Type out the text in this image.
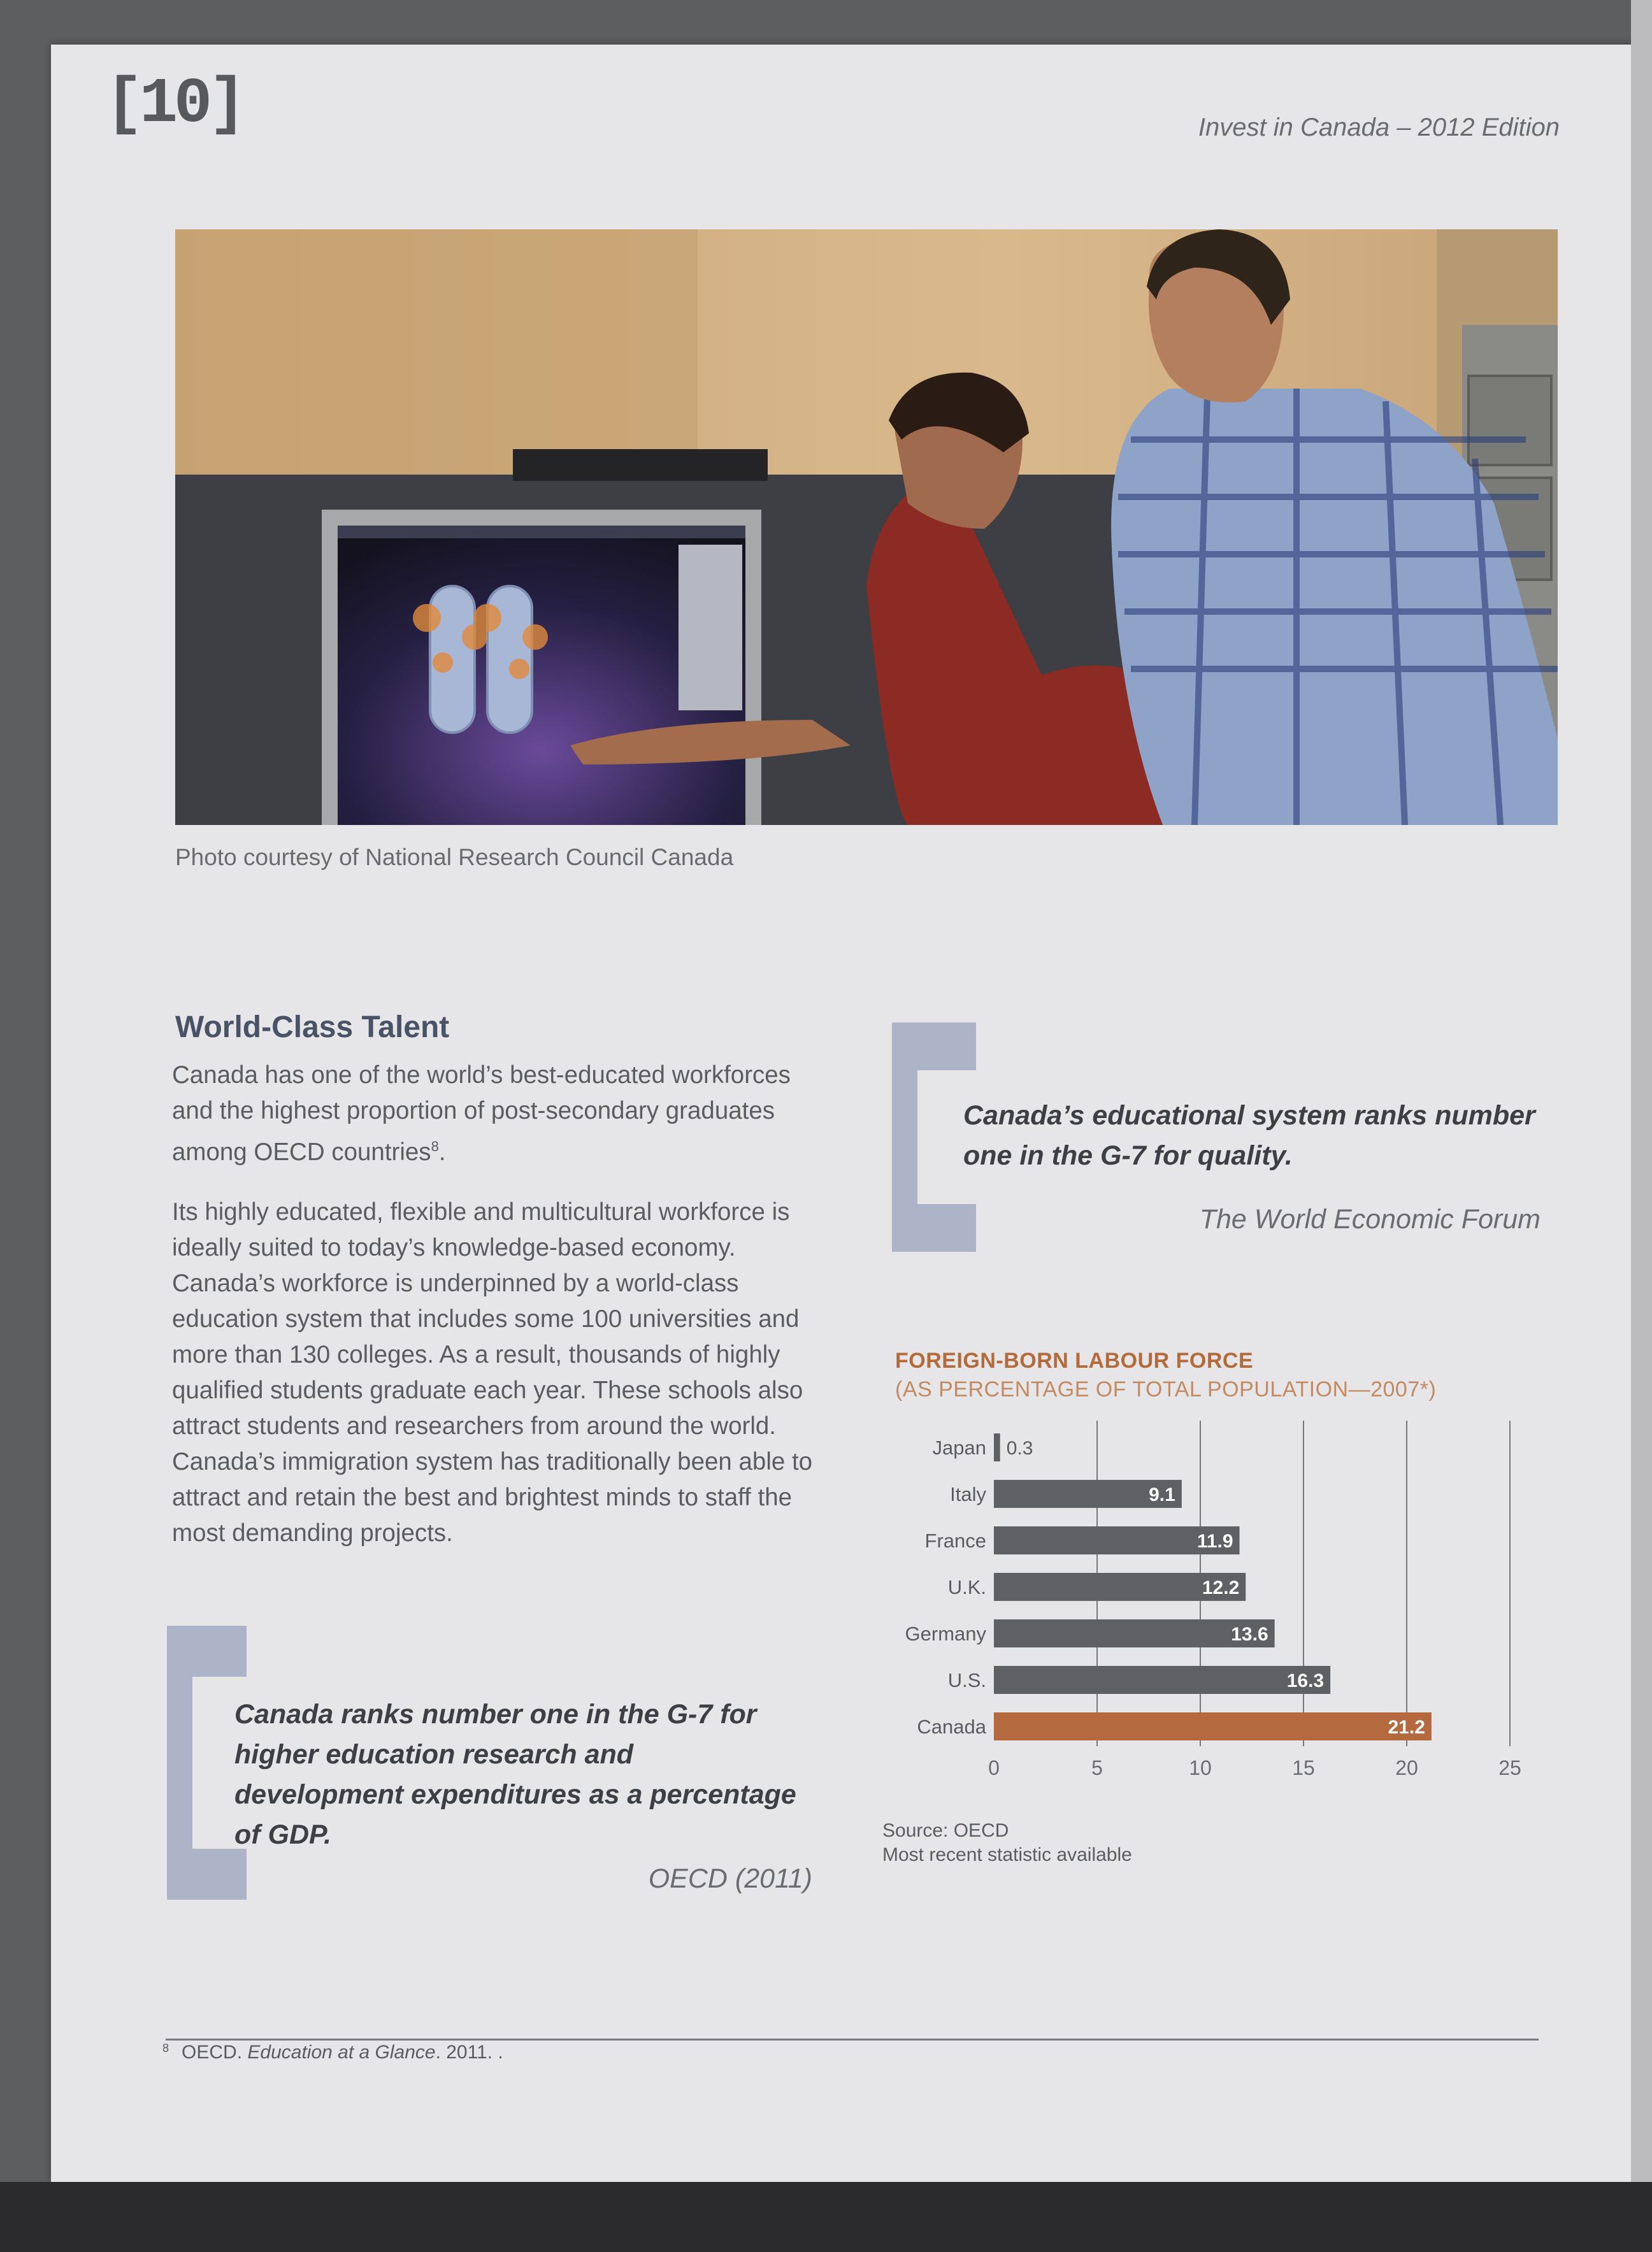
[10]	Invest in Canada – 2012 Edition
Photo courtesy of National Research Council Canada
World-Class Talent

Canada has one of the world’s best-educated workforces and the highest proportion of post-secondary graduates among OECD countries$^8$.

Its highly educated, flexible and multicultural workforce is ideally suited to today’s knowledge-based economy. Canada’s workforce is underpinned by a world-class education system that includes some 100 universities and more than 130 colleges. As a result, thousands of highly qualified students graduate each year. These schools also attract students and researchers from around the world. Canada’s immigration system has traditionally been able to attract and retain the best and brightest minds to staff the most demanding projects.

Canada ranks number one in the G-7 for higher education research and development expenditures as a percentage of GDP.
OECD (2011)
Canada’s educational system ranks number one in the G-7 for quality.
The World Economic Forum
FOREIGN-BORN LABOUR FORCE
(AS PERCENTAGE OF TOTAL POPULATION—2007*)
0	5	10	15	20	25
Japan 0.3
Italy	9.1
France	11.9
U.K.	12.2
Germany	13.6
U.S.	16.3
Canada	21.2
Source: OECD
Most recent statistic available
$^8$ OECD. Education at a Glance. 2011. .
